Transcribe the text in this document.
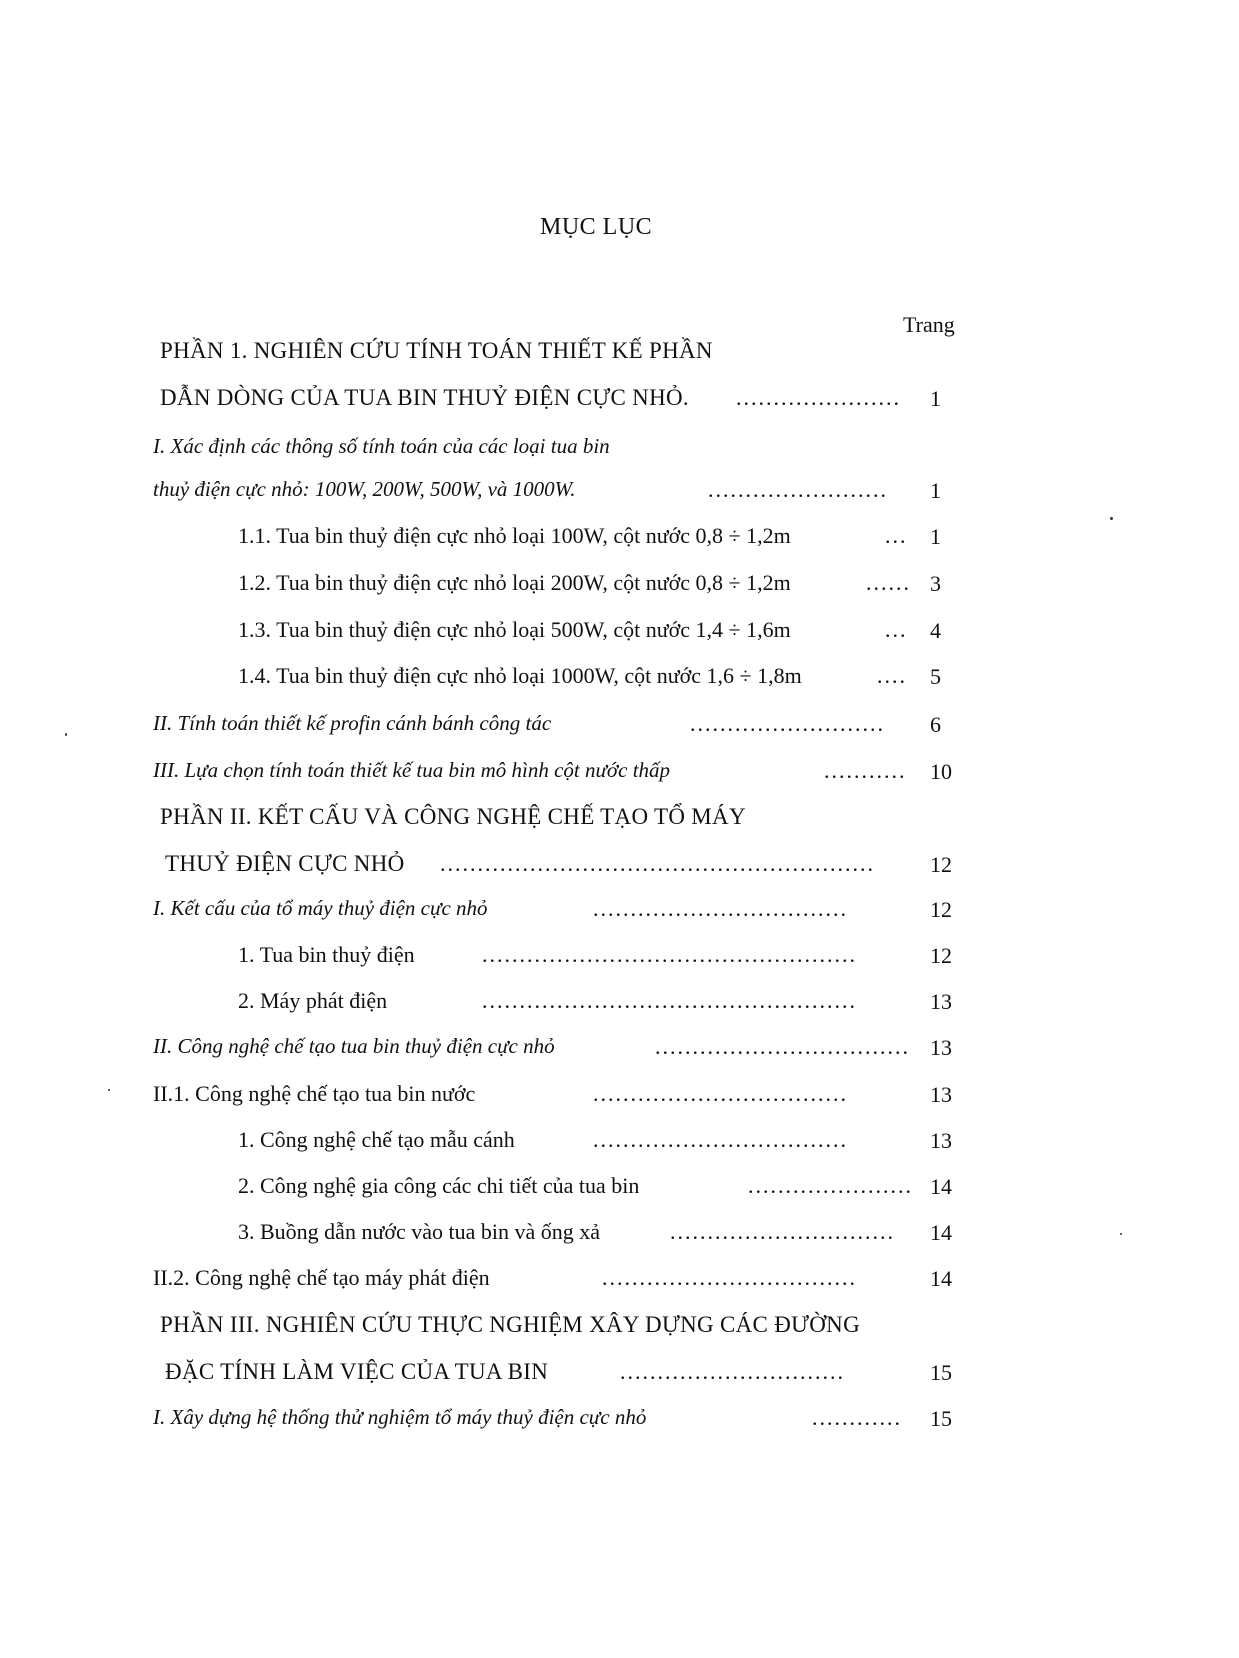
MỤC LỤC
Trang
PHẦN 1. NGHIÊN CỨU TÍNH TOÁN THIẾT KẾ PHẦN
DẪN DÒNG CỦA TUA BIN THUỶ ĐIỆN CỰC NHỎ. ...................... 1
I. Xác định các thông số tính toán của các loại tua bin
thuỷ điện cực nhỏ: 100W, 200W, 500W, và 1000W.	........................ 1
1.1. Tua bin thuỷ điện cực nhỏ loại 100W, cột nước 0,8 ÷ 1,2m	... 1
1.2. Tua bin thuỷ điện cực nhỏ loại 200W, cột nước 0,8 ÷ 1,2m	...... 3
1.3. Tua bin thuỷ điện cực nhỏ loại 500W, cột nước 1,4 ÷ 1,6m	... 4
1.4. Tua bin thuỷ điện cực nhỏ loại 1000W, cột nước 1,6 ÷ 1,8m	.... 5
II. Tính toán thiết kế profin cánh bánh công tác	.......................... 6
III. Lựa chọn tính toán thiết kế tua bin mô hình cột nước thấp	........... 10
PHẦN II. KẾT CẤU VÀ CÔNG NGHỆ CHẾ TẠO TỔ MÁY
THUỶ ĐIỆN CỰC NHỎ ..........................................................	12
I. Kết cấu của tổ máy thuỷ điện cực nhỏ	..................................	12
1. Tua bin thuỷ điện	..................................................	12
2. Máy phát điện	..................................................	13
II. Công nghệ chế tạo tua bin thuỷ điện cực nhỏ	.................................. 13
II.1. Công nghệ chế tạo tua bin nước	..................................	13
1. Công nghệ chế tạo mẫu cánh	..................................	13
2. Công nghệ gia công các chi tiết của tua bin	...................... 14
3. Buồng dẫn nước vào tua bin và ống xả	.............................. 14
II.2. Công nghệ chế tạo máy phát điện	..................................	14
PHẦN III. NGHIÊN CỨU THỰC NGHIỆM XÂY DỰNG CÁC ĐƯỜNG
ĐẶC TÍNH LÀM VIỆC CỦA TUA BIN	..............................	15
I. Xây dựng hệ thống thử nghiệm tổ máy thuỷ điện cực nhỏ	............ 15
